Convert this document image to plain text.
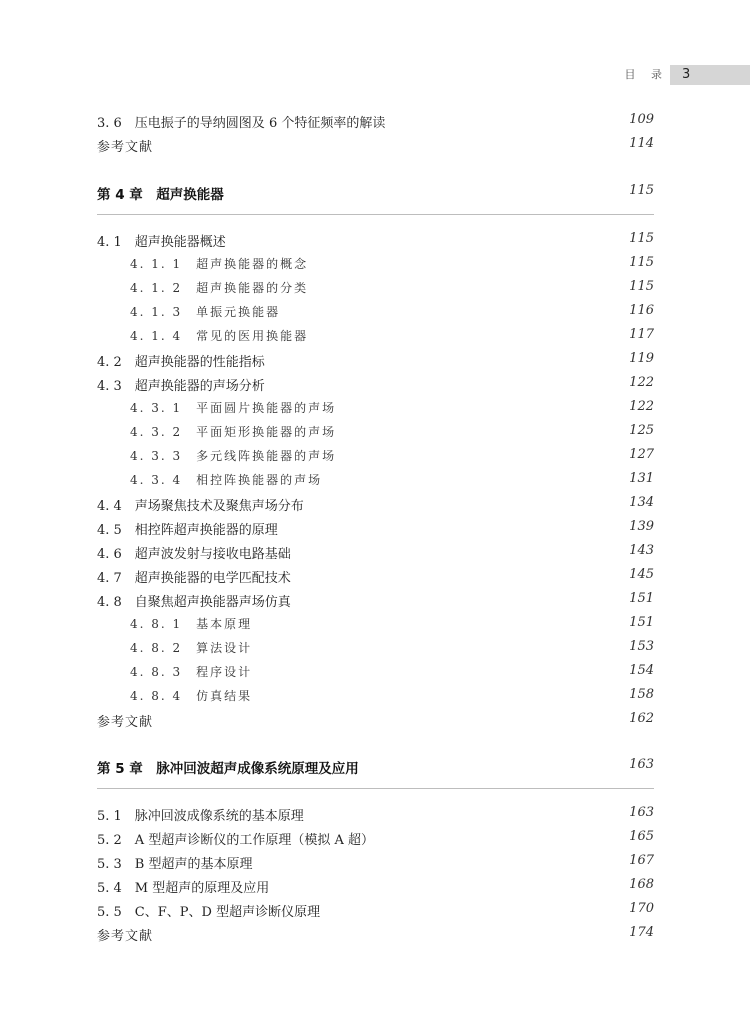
目 录 3
3. 6　压电振子的导纳圆图及 6 个特征频率的解读	109
参考文献	114
第 4 章　超声换能器	115
4. 1　超声换能器概述	115
4. 1. 1　超声换能器的概念	115
4. 1. 2　超声换能器的分类	115
4. 1. 3　单振元换能器	116
4. 1. 4　常见的医用换能器	117
4. 2　超声换能器的性能指标	119
4. 3　超声换能器的声场分析	122
4. 3. 1　平面圆片换能器的声场	122
4. 3. 2　平面矩形换能器的声场	125
4. 3. 3　多元线阵换能器的声场	127
4. 3. 4　相控阵换能器的声场	131
4. 4　声场聚焦技术及聚焦声场分布	134
4. 5　相控阵超声换能器的原理	139
4. 6　超声波发射与接收电路基础	143
4. 7　超声换能器的电学匹配技术	145
4. 8　自聚焦超声换能器声场仿真	151
4. 8. 1　基本原理	151
4. 8. 2　算法设计	153
4. 8. 3　程序设计	154
4. 8. 4　仿真结果	158
参考文献	162
第 5 章　脉冲回波超声成像系统原理及应用	163
5. 1　脉冲回波成像系统的基本原理	163
5. 2　A 型超声诊断仪的工作原理（模拟 A 超）	165
5. 3　B 型超声的基本原理	167
5. 4　M 型超声的原理及应用	168
5. 5　C、F、P、D 型超声诊断仪原理	170
参考文献	174
